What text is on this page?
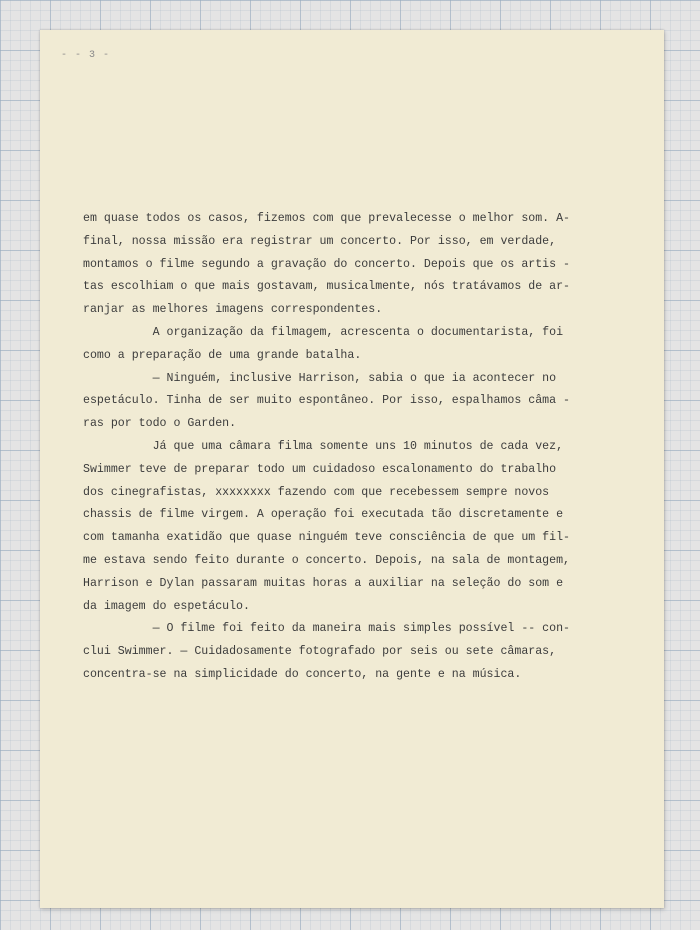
- - 3 -
em quase todos os casos, fizemos com que prevalecesse o melhor som. A-
final, nossa missão era registrar um concerto. Por isso, em verdade,
montamos o filme segundo a gravação do concerto. Depois que os artis -
tas escolhiam o que mais gostavam, musicalmente, nós tratávamos de ar-
ranjar as melhores imagens correspondentes.
A organização da filmagem, acrescenta o documentarista, foi
como a preparação de uma grande batalha.
— Ninguém, inclusive Harrison, sabia o que ia acontecer no
espetáculo. Tinha de ser muito espontâneo. Por isso, espalhamos câma -
ras por todo o Garden.
Já que uma câmara filma somente uns 10 minutos de cada vez,
Swimmer teve de preparar todo um cuidadoso escalonamento do trabalho
dos cinegrafistas, xxxxxxxx fazendo com que recebessem sempre novos
chassis de filme virgem. A operação foi executada tão discretamente e
com tamanha exatidão que quase ninguém teve consciência de que um fil-
me estava sendo feito durante o concerto. Depois, na sala de montagem,
Harrison e Dylan passaram muitas horas a auxiliar na seleção do som e
da imagem do espetáculo.
— O filme foi feito da maneira mais simples possível -- con-
clui Swimmer. — Cuidadosamente fotografado por seis ou sete câmaras,
concentra-se na simplicidade do concerto, na gente e na música.
